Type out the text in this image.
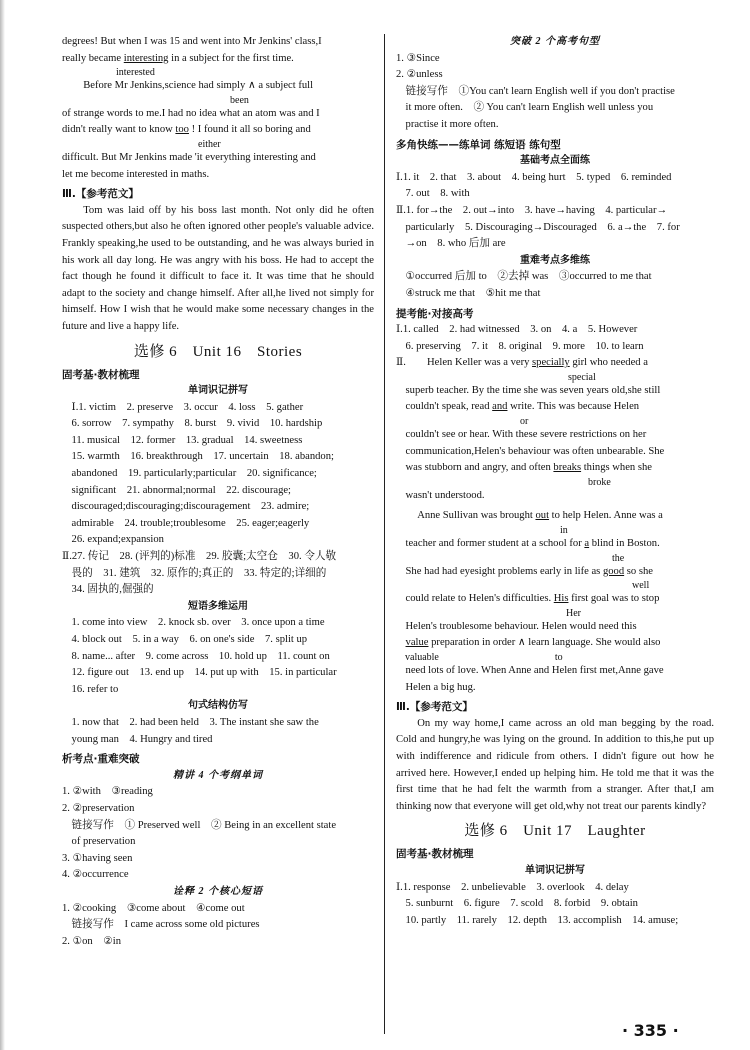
degrees! But when I was 15 and went into Mr Jenkins' class,I

really became interesting in a subject for the first time.

interested

Before Mr Jenkins,science had simply ∧ a subject full

been

of strange words to me.I had no idea what an atom was and I

didn't really want to know too ! I found it all so boring and

either

difficult. But Mr Jenkins made 'it everything interesting and

let me become interested in maths.

Ⅲ.【参考范文】

Tom was laid off by his boss last month. Not only did he often suspected others,but also he often ignored other people's valuable advice. Frankly speaking,he used to be outstanding, and he was always buried in his work all day long. He was angry with his boss. He had to accept the fact though he found it difficult to face it. It was time that he should adapt to the society and change himself. After all,he lived not simply for himself. How I wish that he would make some necessary changes in the future and live a happy life.

选修 6　Unit 16　Stories

固考基·教材梳理

单词识记拼写

Ⅰ.1. victim　2. preserve　3. occur　4. loss　5. gather

6. sorrow　7. sympathy　8. burst　9. vivid　10. hardship

11. musical　12. former　13. gradual　14. sweetness

15. warmth　16. breakthrough　17. uncertain　18. abandon;

abandoned　19. particularly;particular　20. significance;

significant　21. abnormal;normal　22. discourage;

discouraged;discouraging;discouragement　23. admire;

admirable　24. trouble;troublesome　25. eager;eagerly

26. expand;expansion

Ⅱ.27. 传记　28. (评判的)标准　29. 胶囊;太空仓　30. 令人敬

畏的　31. 建筑　32. 原作的;真正的　33. 特定的;详细的

34. 固执的,倔强的

短语多维运用

1. come into view　2. knock sb. over　3. once upon a time

4. block out　5. in a way　6. on one's side　7. split up

8. name... after　9. come across　10. hold up　11. count on

12. figure out　13. end up　14. put up with　15. in particular

16. refer to

句式结构仿写

1. now that　2. had been held　3. The instant she saw the

young man　4. Hungry and tired

析考点·重难突破

精讲 4 个考纲单词

1. ②with　③reading

2. ②preservation

链接写作　① Preserved well　② Being in an excellent state

of preservation

3. ①having seen

4. ②occurrence

诠释 2 个核心短语

1. ②cooking　③come about　④come out

链接写作　I came across some old pictures

2. ①on　②in

突破 2 个高考句型

1. ③Since

2. ②unless

链接写作　①You can't learn English well if you don't practise

it more often.　② You can't learn English well unless you

practise it more often.

多角快练——练单词 练短语 练句型

基础考点全面练

Ⅰ.1. it　2. that　3. about　4. being hurt　5. typed　6. reminded

7. out　8. with

Ⅱ.1. for→the　2. out→into　3. have→having　4. particular→

particularly　5. Discouraging→Discouraged　6. a→the　7. for

→on　8. who 后加 are

重难考点多维练

①occurred 后加 to　②去掉 was　③occurred to me that

④struck me that　⑤hit me that

提考能·对接高考

Ⅰ.1. called　2. had witnessed　3. on　4. a　5. However

6. preserving　7. it　8. original　9. more　10. to learn

Ⅱ.　　Helen Keller was a very specially girl who needed a

special

superb teacher. By the time she was seven years old,she still

couldn't speak, read and write. This was because Helen

or

couldn't see or hear. With these severe restrictions on her

communication,Helen's behaviour was often unbearable. She

was stubborn and angry, and often breaks things when she

broke

wasn't understood.

Anne Sullivan was brought out to help Helen. Anne was a

in

teacher and former student at a school for a blind in Boston.

the

She had had eyesight problems early in life as good so she

well

could relate to Helen's difficulties. His first goal was to stop

Her

Helen's troublesome behaviour. Helen would need this

value preparation in order ∧ learn language. She would also

valuable	to

need lots of love. When Anne and Helen first met,Anne gave

Helen a big hug.

Ⅲ.【参考范文】

On my way home,I came across an old man begging by the road. Cold and hungry,he was lying on the ground. In addition to this,he put up with indifference and ridicule from others. I didn't figure out how he arrived here. However,I ended up helping him. He told me that it was the first time that he had felt the warmth from a stranger. After that,I am thinking now that everyone will get old,why not treat our parents kindly?

选修 6　Unit 17　Laughter

固考基·教材梳理

单词识记拼写

Ⅰ.1. response　2. unbelievable　3. overlook　4. delay

5. sunburnt　6. figure　7. scold　8. forbid　9. obtain

10. partly　11. rarely　12. depth　13. accomplish　14. amuse;

· 335 ·
